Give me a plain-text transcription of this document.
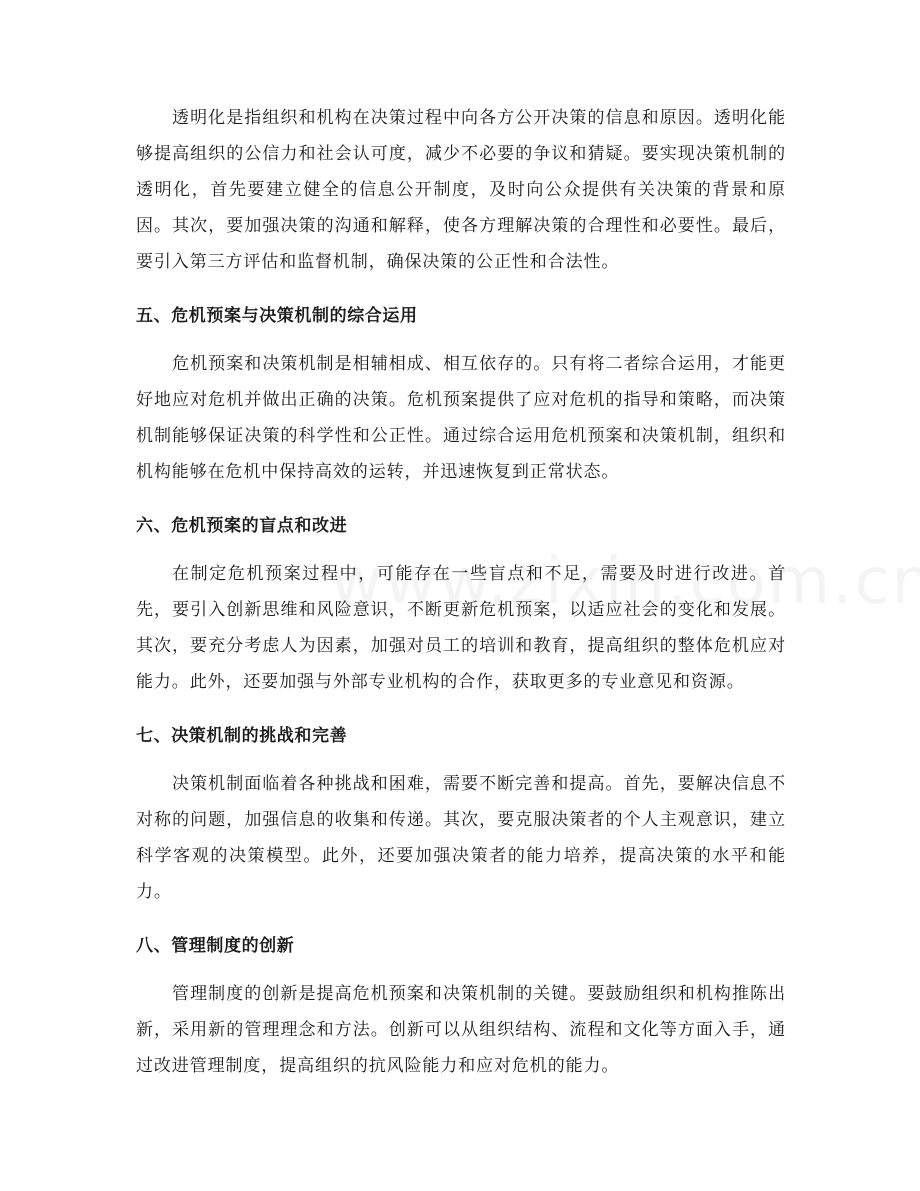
透明化是指组织和机构在决策过程中向各方公开决策的信息和原因。透明化能够提高组织的公信力和社会认可度，减少不必要的争议和猜疑。要实现决策机制的透明化，首先要建立健全的信息公开制度，及时向公众提供有关决策的背景和原因。其次，要加强决策的沟通和解释，使各方理解决策的合理性和必要性。最后，要引入第三方评估和监督机制，确保决策的公正性和合法性。

五、危机预案与决策机制的综合运用

危机预案和决策机制是相辅相成、相互依存的。只有将二者综合运用，才能更好地应对危机并做出正确的决策。危机预案提供了应对危机的指导和策略，而决策机制能够保证决策的科学性和公正性。通过综合运用危机预案和决策机制，组织和机构能够在危机中保持高效的运转，并迅速恢复到正常状态。

六、危机预案的盲点和改进

在制定危机预案过程中，可能存在一些盲点和不足，需要及时进行改进。首先，要引入创新思维和风险意识，不断更新危机预案，以适应社会的变化和发展。其次，要充分考虑人为因素，加强对员工的培训和教育，提高组织的整体危机应对能力。此外，还要加强与外部专业机构的合作，获取更多的专业意见和资源。

七、决策机制的挑战和完善

决策机制面临着各种挑战和困难，需要不断完善和提高。首先，要解决信息不对称的问题，加强信息的收集和传递。其次，要克服决策者的个人主观意识，建立科学客观的决策模型。此外，还要加强决策者的能力培养，提高决策的水平和能力。

八、管理制度的创新

管理制度的创新是提高危机预案和决策机制的关键。要鼓励组织和机构推陈出新，采用新的管理理念和方法。创新可以从组织结构、流程和文化等方面入手，通过改进管理制度，提高组织的抗风险能力和应对危机的能力。
